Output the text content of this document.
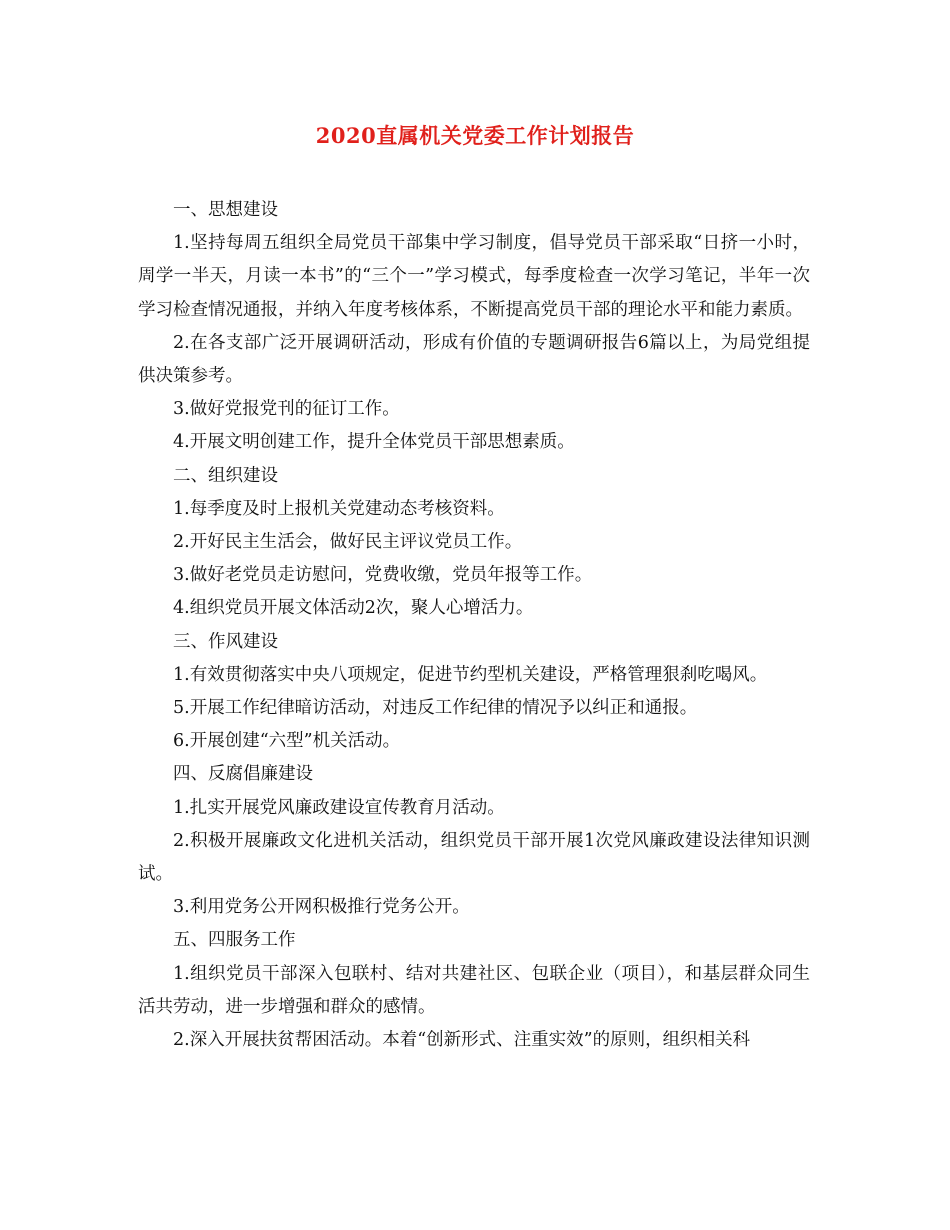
2020直属机关党委工作计划报告

一、思想建设

1.坚持每周五组织全局党员干部集中学习制度，倡导党员干部采取“日挤一小时，周学一半天，月读一本书”的“三个一”学习模式，每季度检查一次学习笔记，半年一次学习检查情况通报，并纳入年度考核体系，不断提高党员干部的理论水平和能力素质。

2.在各支部广泛开展调研活动，形成有价值的专题调研报告6篇以上，为局党组提供决策参考。

3.做好党报党刊的征订工作。

4.开展文明创建工作，提升全体党员干部思想素质。

二、组织建设

1.每季度及时上报机关党建动态考核资料。

2.开好民主生活会，做好民主评议党员工作。

3.做好老党员走访慰问，党费收缴，党员年报等工作。

4.组织党员开展文体活动2次，聚人心增活力。

三、作风建设

1.有效贯彻落实中央八项规定，促进节约型机关建设，严格管理狠刹吃喝风。

5.开展工作纪律暗访活动，对违反工作纪律的情况予以纠正和通报。

6.开展创建“六型”机关活动。

四、反腐倡廉建设

1.扎实开展党风廉政建设宣传教育月活动。

2.积极开展廉政文化进机关活动，组织党员干部开展1次党风廉政建设法律知识测试。

3.利用党务公开网积极推行党务公开。

五、四服务工作

1.组织党员干部深入包联村、结对共建社区、包联企业（项目），和基层群众同生活共劳动，进一步增强和群众的感情。

2.深入开展扶贫帮困活动。本着“创新形式、注重实效”的原则，组织相关科
